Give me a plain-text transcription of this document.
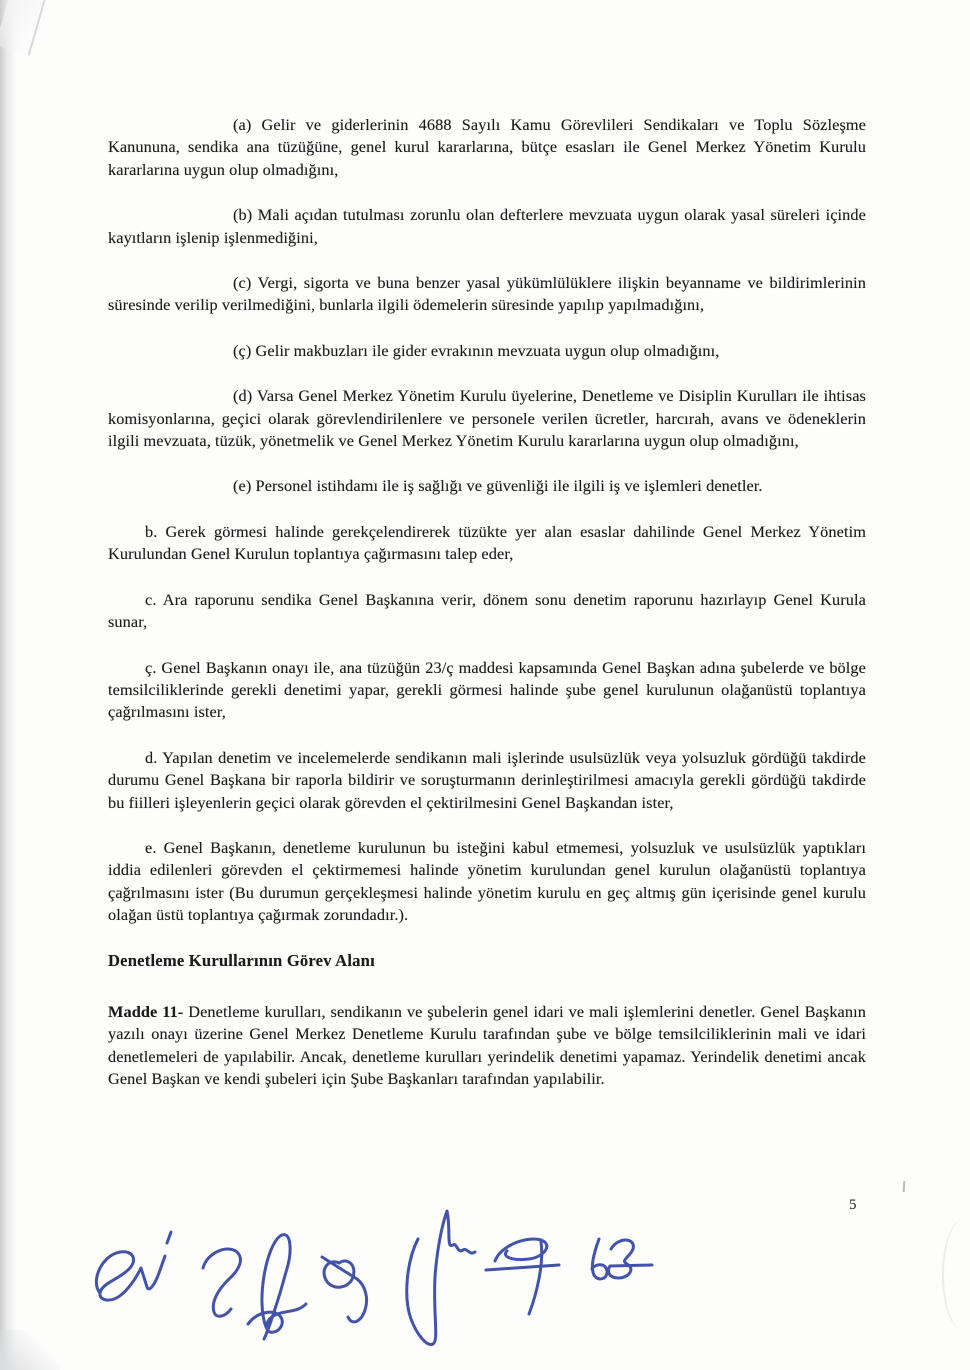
(a) Gelir ve giderlerinin 4688 Sayılı Kamu Görevlileri Sendikaları ve Toplu Sözleşme Kanununa, sendika ana tüzüğüne, genel kurul kararlarına, bütçe esasları ile Genel Merkez Yönetim Kurulu kararlarına uygun olup olmadığını,

(b) Mali açıdan tutulması zorunlu olan defterlere mevzuata uygun olarak yasal süreleri içinde kayıtların işlenip işlenmediğini,

(c) Vergi, sigorta ve buna benzer yasal yükümlülüklere ilişkin beyanname ve bildirimlerinin süresinde verilip verilmediğini, bunlarla ilgili ödemelerin süresinde yapılıp yapılmadığını,

(ç) Gelir makbuzları ile gider evrakının mevzuata uygun olup olmadığını,

(d) Varsa Genel Merkez Yönetim Kurulu üyelerine, Denetleme ve Disiplin Kurulları ile ihtisas komisyonlarına, geçici olarak görevlendirilenlere ve personele verilen ücretler, harcırah, avans ve ödeneklerin ilgili mevzuata, tüzük, yönetmelik ve Genel Merkez Yönetim Kurulu kararlarına uygun olup olmadığını,

(e) Personel istihdamı ile iş sağlığı ve güvenliği ile ilgili iş ve işlemleri denetler.

b. Gerek görmesi halinde gerekçelendirerek tüzükte yer alan esaslar dahilinde Genel Merkez Yönetim Kurulundan Genel Kurulun toplantıya çağırmasını talep eder,

c. Ara raporunu sendika Genel Başkanına verir, dönem sonu denetim raporunu hazırlayıp Genel Kurula sunar,

ç. Genel Başkanın onayı ile, ana tüzüğün 23/ç maddesi kapsamında Genel Başkan adına şubelerde ve bölge temsilciliklerinde gerekli denetimi yapar, gerekli görmesi halinde şube genel kurulunun olağanüstü toplantıya çağrılmasını ister,

d. Yapılan denetim ve incelemelerde sendikanın mali işlerinde usulsüzlük veya yolsuzluk gördüğü takdirde durumu Genel Başkana bir raporla bildirir ve soruşturmanın derinleştirilmesi amacıyla gerekli gördüğü takdirde bu fiilleri işleyenlerin geçici olarak görevden el çektirilmesini Genel Başkandan ister,

e. Genel Başkanın, denetleme kurulunun bu isteğini kabul etmemesi, yolsuzluk ve usulsüzlük yaptıkları iddia edilenleri görevden el çektirmemesi halinde yönetim kurulundan genel kurulun olağanüstü toplantıya çağrılmasını ister (Bu durumun gerçekleşmesi halinde yönetim kurulu en geç altmış gün içerisinde genel kurulu olağan üstü toplantıya çağırmak zorundadır.).

Denetleme Kurullarının Görev Alanı

Madde 11- Denetleme kurulları, sendikanın ve şubelerin genel idari ve mali işlemlerini denetler. Genel Başkanın yazılı onayı üzerine Genel Merkez Denetleme Kurulu tarafından şube ve bölge temsilciliklerinin mali ve idari denetlemeleri de yapılabilir. Ancak, denetleme kurulları yerindelik denetimi yapamaz. Yerindelik denetimi ancak Genel Başkan ve kendi şubeleri için Şube Başkanları tarafından yapılabilir.

5
